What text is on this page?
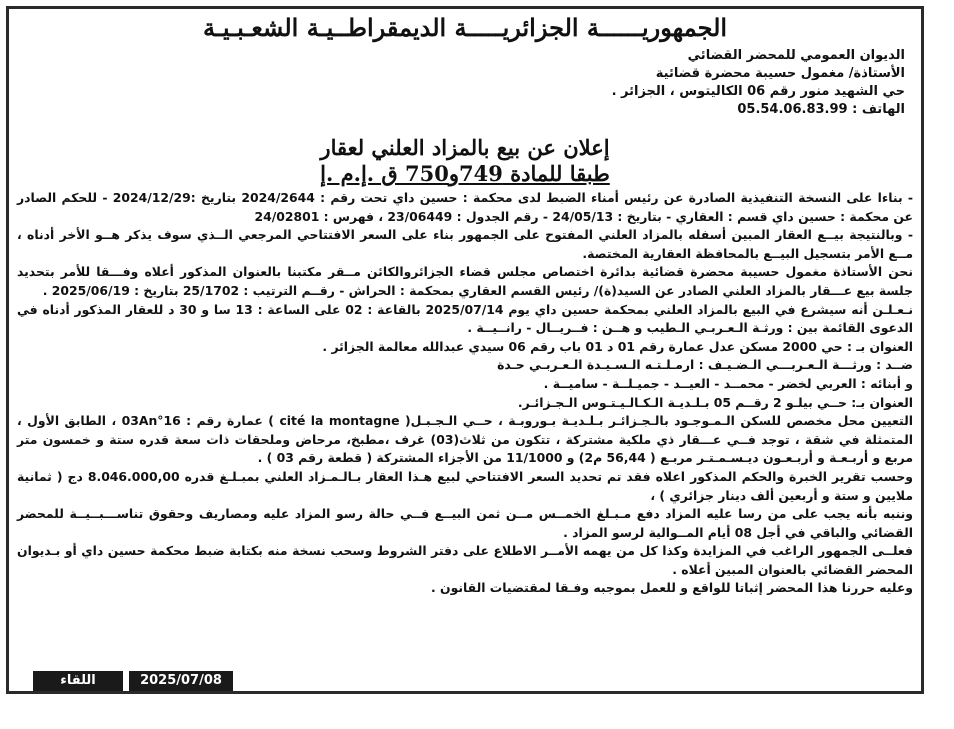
الجمهوريــــــة الجزائريـــــة الديمقراطــيـة الشعـبـيـة
الديوان العمومي للمحضر القضائي
الأستاذة/ مغمول حسيبة محضرة قضائية
حي الشهيد منور رقم 06 الكاليتوس ، الجزائر .
الهاتف : 05.54.06.83.99
إعلان عن بيع بالمزاد العلني لعقار
طبقا للمادة 749و750 ق .إ.م .إ

- بناءا على النسخة التنفيذية الصادرة عن رئيس أمناء الضبط لدى محكمة : حسين داي تحت رقم : 2024/2644 بتاريخ :2024/12/29 - للحكم الصادر عن محكمة : حسين داي قسم : العقاري - بتاريخ : 24/05/13 - رقم الجدول : 23/06449 ، فهرس : 24/02801

- وبالنتيجة بيــع العقار المبين أسفله بالمزاد العلني المفتوح على الجمهور بناء على السعر الافتتاحي المرجعي الــذي سوف يذكر هــو الأخر أدناه ، مــع الأمر بتسجيل البيــع بالمحافظة العقارية المختصة.

نحن الأستاذة مغمول حسيبة محضرة قضائية بدائرة اختصاص مجلس قضاء الجزائروالكائن مــقر مكتبنا بالعنوان المذكور أعلاه وفـــقا للأمر بتحديد جلسة بيع عـــقار بالمزاد العلني الصادر عن السيد(ة)/ رئيس القسم العقاري بمحكمة : الحراش - رقــم الترتيب : 25/1702 بتاريخ : 2025/06/19 .

نـعـلـن أنه سيشرع في البيع بالمزاد العلني بمحكمة حسين داي يوم 2025/07/14 بالقاعة : 02 على الساعة : 13 سا و 30 د للعقار المذكور أدناه في الدعوى القائمة بين : ورثـة الـعـربـي الـطيب و هــن : فــريــال - رانــيــة .

العنوان بـ : حي 2000 مسكن عدل عمارة رقم 01 د 01 باب رقم 06 سيدي عبدالله معالمة الجزائر .

ضــد : ورثـــة الـعـربـــي الـضـيـف : ارمـلـتـه الـسـيـدة الـعـربـي حـدة

و أبنائه : العربي لخضر - محمــد - العيــد - جميـلــة - ساميــة .

العنوان بـ: حــي بيلـو 2 رقــم 05 بـلـديـة الـكـالـيـتـوس الـجـزائـر.

التعيين محل مخصص للسكن الـمـوجـود بالـجـزائـر بـلـديـة بـوروبـة ، حــي الـجـبـل( cité la montagne ) عمارة رقم : 03An°16 ، الطابق الأول ، المتمثلة في شقة ، توجد فــي عـــقار ذي ملكية مشتركة ، تتكون من ثلاث(03) غرف ،مطبخ، مرحاض وملحقات ذات سعة قدره ستة و خمسون متر مربع و أربـعـة و أربـعـون ديـسـمـتـر مربـع ( 56,44 م2) و 11/1000 من الأجزاء المشتركة ( قطعة رقم 03 ) .

وحسب تقرير الخبرة والحكم المذكور اعلاه فقد تم تحديد السعر الافتتاحي لبيع هـذا العقار بـالـمـزاد العلني بمبـلـغ قدره 8.046.000,00 دج ( ثمانية ملايين و ستة و أربعين ألف دينار جزائري ) ،

وننبه بأنه يجب على من رسا عليه المزاد دفع مـبـلغ الخمــس مــن ثمن البيــع فــي حالة رسو المزاد عليه ومصاريف وحقوق تناســـبــيــة للمحضر القضائي والباقي في أجل 08 أيام المــوالية لرسو المزاد .

فعلــى الجمهور الراغب في المزايدة وكذا كل من يهمه الأمــر الاطلاع على دفتر الشروط وسحب نسخة منه بكتابة ضبط محكمة حسين داي أو بـديوان المحضر القضائي بالعنوان المبين أعلاه .

وعليه حررنا هذا المحضر إثباتا للواقع و للعمل بموجبه وفـقا لمقتضيات القانون .

اللقاء	2025/07/08
